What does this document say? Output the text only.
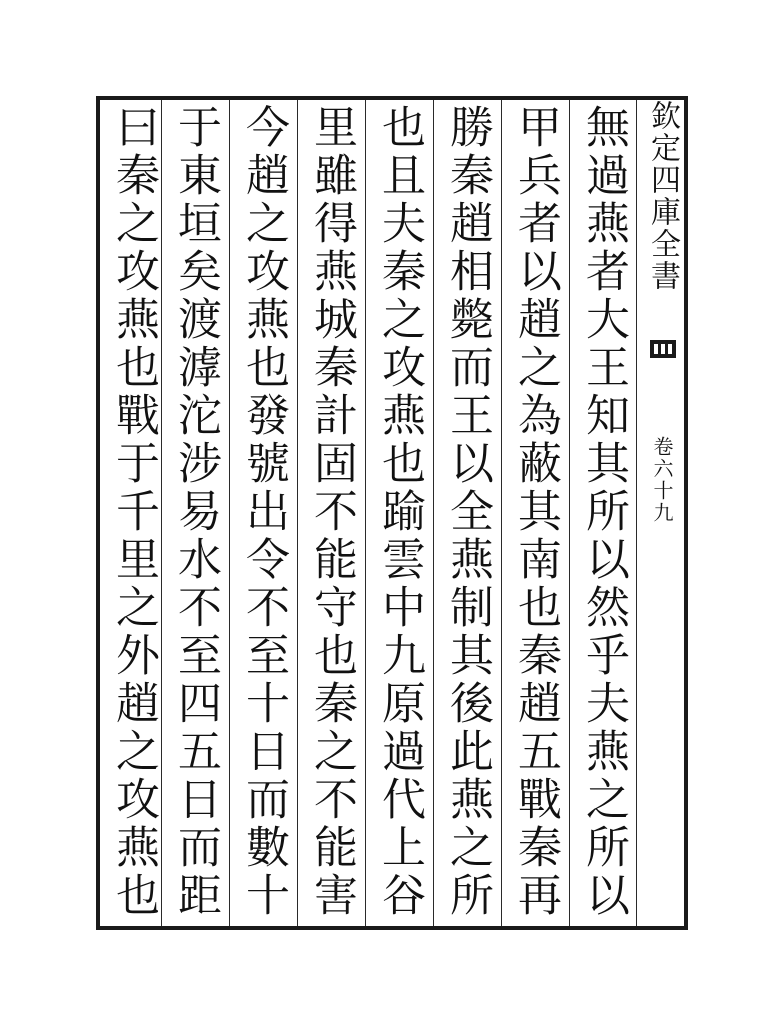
欽定四庫全書
卷六十九
無過燕者大王知其所以然乎夫燕之所以
甲兵者以趙之為蔽其南也秦趙五戰秦再
勝秦趙相斃而王以全燕制其後此燕之所
也且夫秦之攻燕也踰雲中九原過代上谷
里雖得燕城秦計固不能守也秦之不能害
今趙之攻燕也發號出令不至十日而數十
于東垣矣渡滹沱涉易水不至四五日而距
曰秦之攻燕也戰于千里之外趙之攻燕也
